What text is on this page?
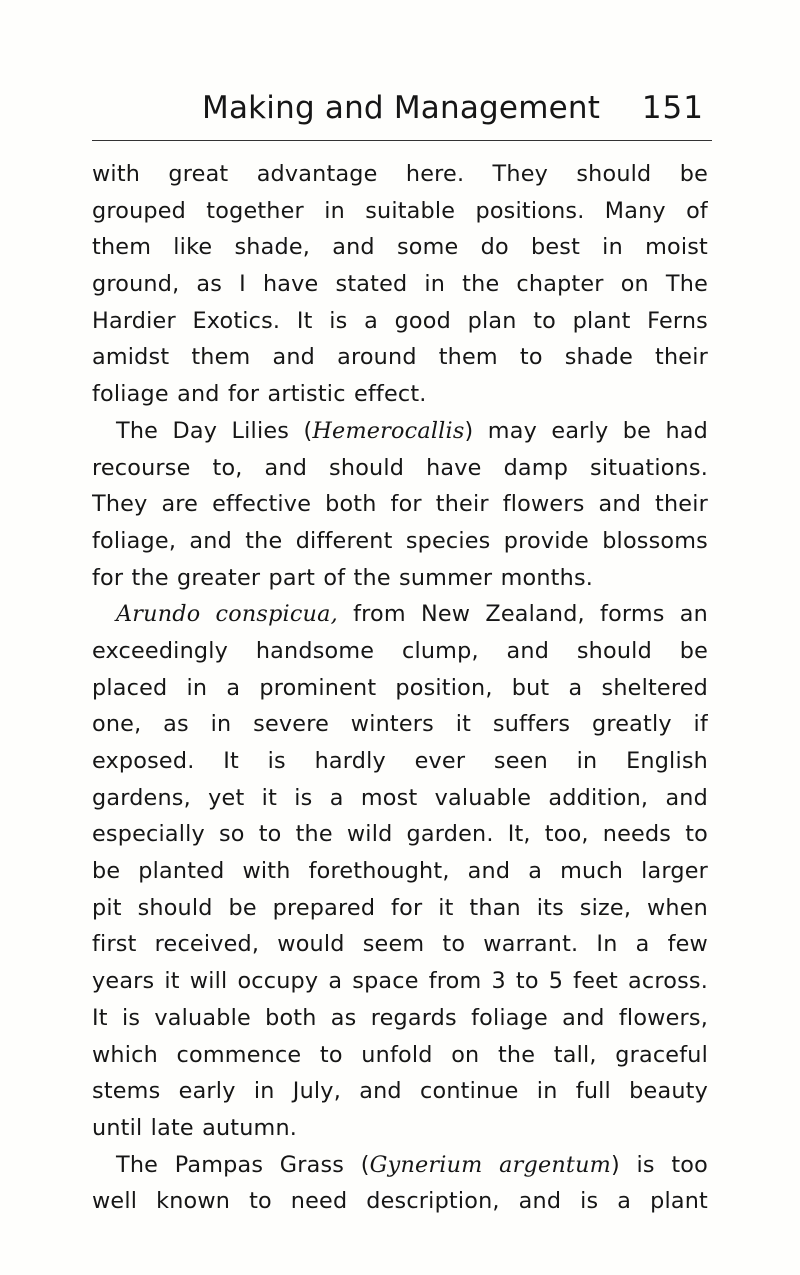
Making and Management 151
with great advantage here. They should be
grouped together in suitable positions. Many of
them like shade, and some do best in moist
ground, as I have stated in the chapter on The
Hardier Exotics. It is a good plan to plant Ferns
amidst them and around them to shade their
foliage and for artistic effect.
The Day Lilies (Hemerocallis) may early be had
recourse to, and should have damp situations.
They are effective both for their flowers and their
foliage, and the different species provide blossoms
for the greater part of the summer months.
Arundo conspicua, from New Zealand, forms an
exceedingly handsome clump, and should be
placed in a prominent position, but a sheltered
one, as in severe winters it suffers greatly if
exposed. It is hardly ever seen in English
gardens, yet it is a most valuable addition, and
especially so to the wild garden. It, too, needs to
be planted with forethought, and a much larger
pit should be prepared for it than its size, when
first received, would seem to warrant. In a few
years it will occupy a space from 3 to 5 feet across.
It is valuable both as regards foliage and flowers,
which commence to unfold on the tall, graceful
stems early in July, and continue in full beauty
until late autumn.
The Pampas Grass (Gynerium argentum) is too
well known to need description, and is a plant
